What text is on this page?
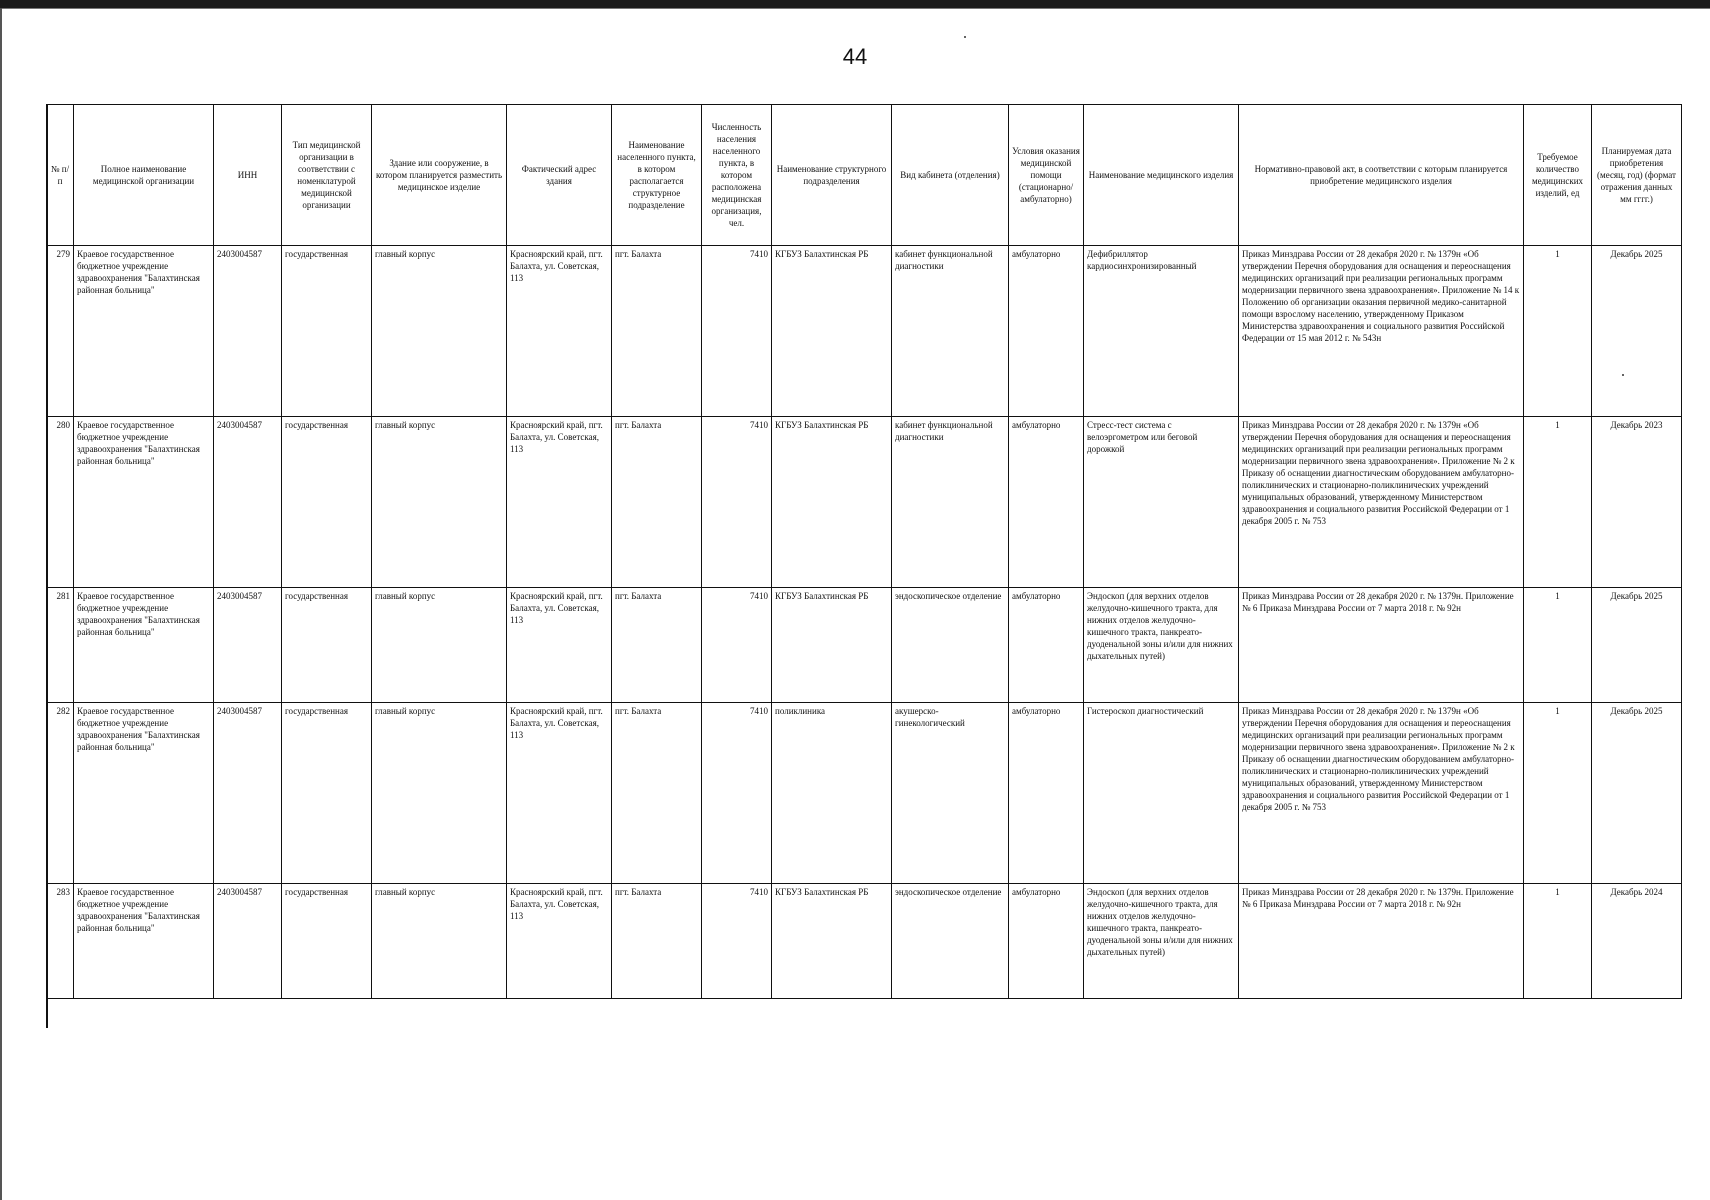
44
№ п/п	Полное наименование медицинской организации	ИНН	Тип медицинской организации в соответствии с номенклатурой медицинской организации	Здание или сооружение, в котором планируется разместить медицинское изделие	Фактический адрес здания	Наименование населенного пункта, в котором располагается структурное подразделение	Численность населения населенного пункта, в котором расположена медицинская организация, чел.	Наименование структурного подразделения	Вид кабинета (отделения)	Условия оказания медицинской помощи (стационарно/ амбулаторно)	Наименование медицинского изделия	Нормативно-правовой акт, в соответствии с которым планируется приобретение медицинского изделия	Требуемое количество медицинских изделий, ед	Планируемая дата приобретения (месяц, год) (формат отражения данных мм гггг.)
279	Краевое государственное бюджетное учреждение здравоохранения "Балахтинская районная больница"	2403004587	государственная	главный корпус	Красноярский край, пгт. Балахта, ул. Советская, 113	пгт. Балахта	7410	КГБУЗ Балахтинская РБ	кабинет функциональной диагностики	амбулаторно	Дефибриллятор кардиосинхронизированный	Приказ Минздрава России от 28 декабря 2020 г. № 1379н «Об утверждении Перечня оборудования для оснащения и переоснащения медицинских организаций при реализации региональных программ модернизации первичного звена здравоохранения». Приложение № 14 к Положению об организации оказания первичной медико-санитарной помощи взрослому населению, утвержденному Приказом Министерства здравоохранения и социального развития Российской Федерации от 15 мая 2012 г. № 543н	1	Декабрь 2025
280	Краевое государственное бюджетное учреждение здравоохранения "Балахтинская районная больница"	2403004587	государственная	главный корпус	Красноярский край, пгт. Балахта, ул. Советская, 113	пгт. Балахта	7410	КГБУЗ Балахтинская РБ	кабинет функциональной диагностики	амбулаторно	Стресс-тест система с велоэргометром или беговой дорожкой	Приказ Минздрава России от 28 декабря 2020 г. № 1379н «Об утверждении Перечня оборудования для оснащения и переоснащения медицинских организаций при реализации региональных программ модернизации первичного звена здравоохранения». Приложение № 2 к Приказу об оснащении диагностическим оборудованием амбулаторно-поликлинических и стационарно-поликлинических учреждений муниципальных образований, утвержденному Министерством здравоохранения и социального развития Российской Федерации от 1 декабря 2005 г. № 753	1	Декабрь 2023
281	Краевое государственное бюджетное учреждение здравоохранения "Балахтинская районная больница"	2403004587	государственная	главный корпус	Красноярский край, пгт. Балахта, ул. Советская, 113	пгт. Балахта	7410	КГБУЗ Балахтинская РБ	эндоскопическое отделение	амбулаторно	Эндоскоп (для верхних отделов желудочно-кишечного тракта, для нижних отделов желудочно-кишечного тракта, панкреато-дуоденальной зоны и/или для нижних дыхательных путей)	Приказ Минздрава России от 28 декабря 2020 г. № 1379н. Приложение № 6 Приказа Минздрава России от 7 марта 2018 г. № 92н	1	Декабрь 2025
282	Краевое государственное бюджетное учреждение здравоохранения "Балахтинская районная больница"	2403004587	государственная	главный корпус	Красноярский край, пгт. Балахта, ул. Советская, 113	пгт. Балахта	7410	поликлиника	акушерско-гинекологический	амбулаторно	Гистероскоп диагностический	Приказ Минздрава России от 28 декабря 2020 г. № 1379н «Об утверждении Перечня оборудования для оснащения и переоснащения медицинских организаций при реализации региональных программ модернизации первичного звена здравоохранения». Приложение № 2 к Приказу об оснащении диагностическим оборудованием амбулаторно-поликлинических и стационарно-поликлинических учреждений муниципальных образований, утвержденному Министерством здравоохранения и социального развития Российской Федерации от 1 декабря 2005 г. № 753	1	Декабрь 2025
283	Краевое государственное бюджетное учреждение здравоохранения "Балахтинская районная больница"	2403004587	государственная	главный корпус	Красноярский край, пгт. Балахта, ул. Советская, 113	пгт. Балахта	7410	КГБУЗ Балахтинская РБ	эндоскопическое отделение	амбулаторно	Эндоскоп (для верхних отделов желудочно-кишечного тракта, для нижних отделов желудочно-кишечного тракта, панкреато-дуоденальной зоны и/или для нижних дыхательных путей)	Приказ Минздрава России от 28 декабря 2020 г. № 1379н. Приложение № 6 Приказа Минздрава России от 7 марта 2018 г. № 92н	1	Декабрь 2024
